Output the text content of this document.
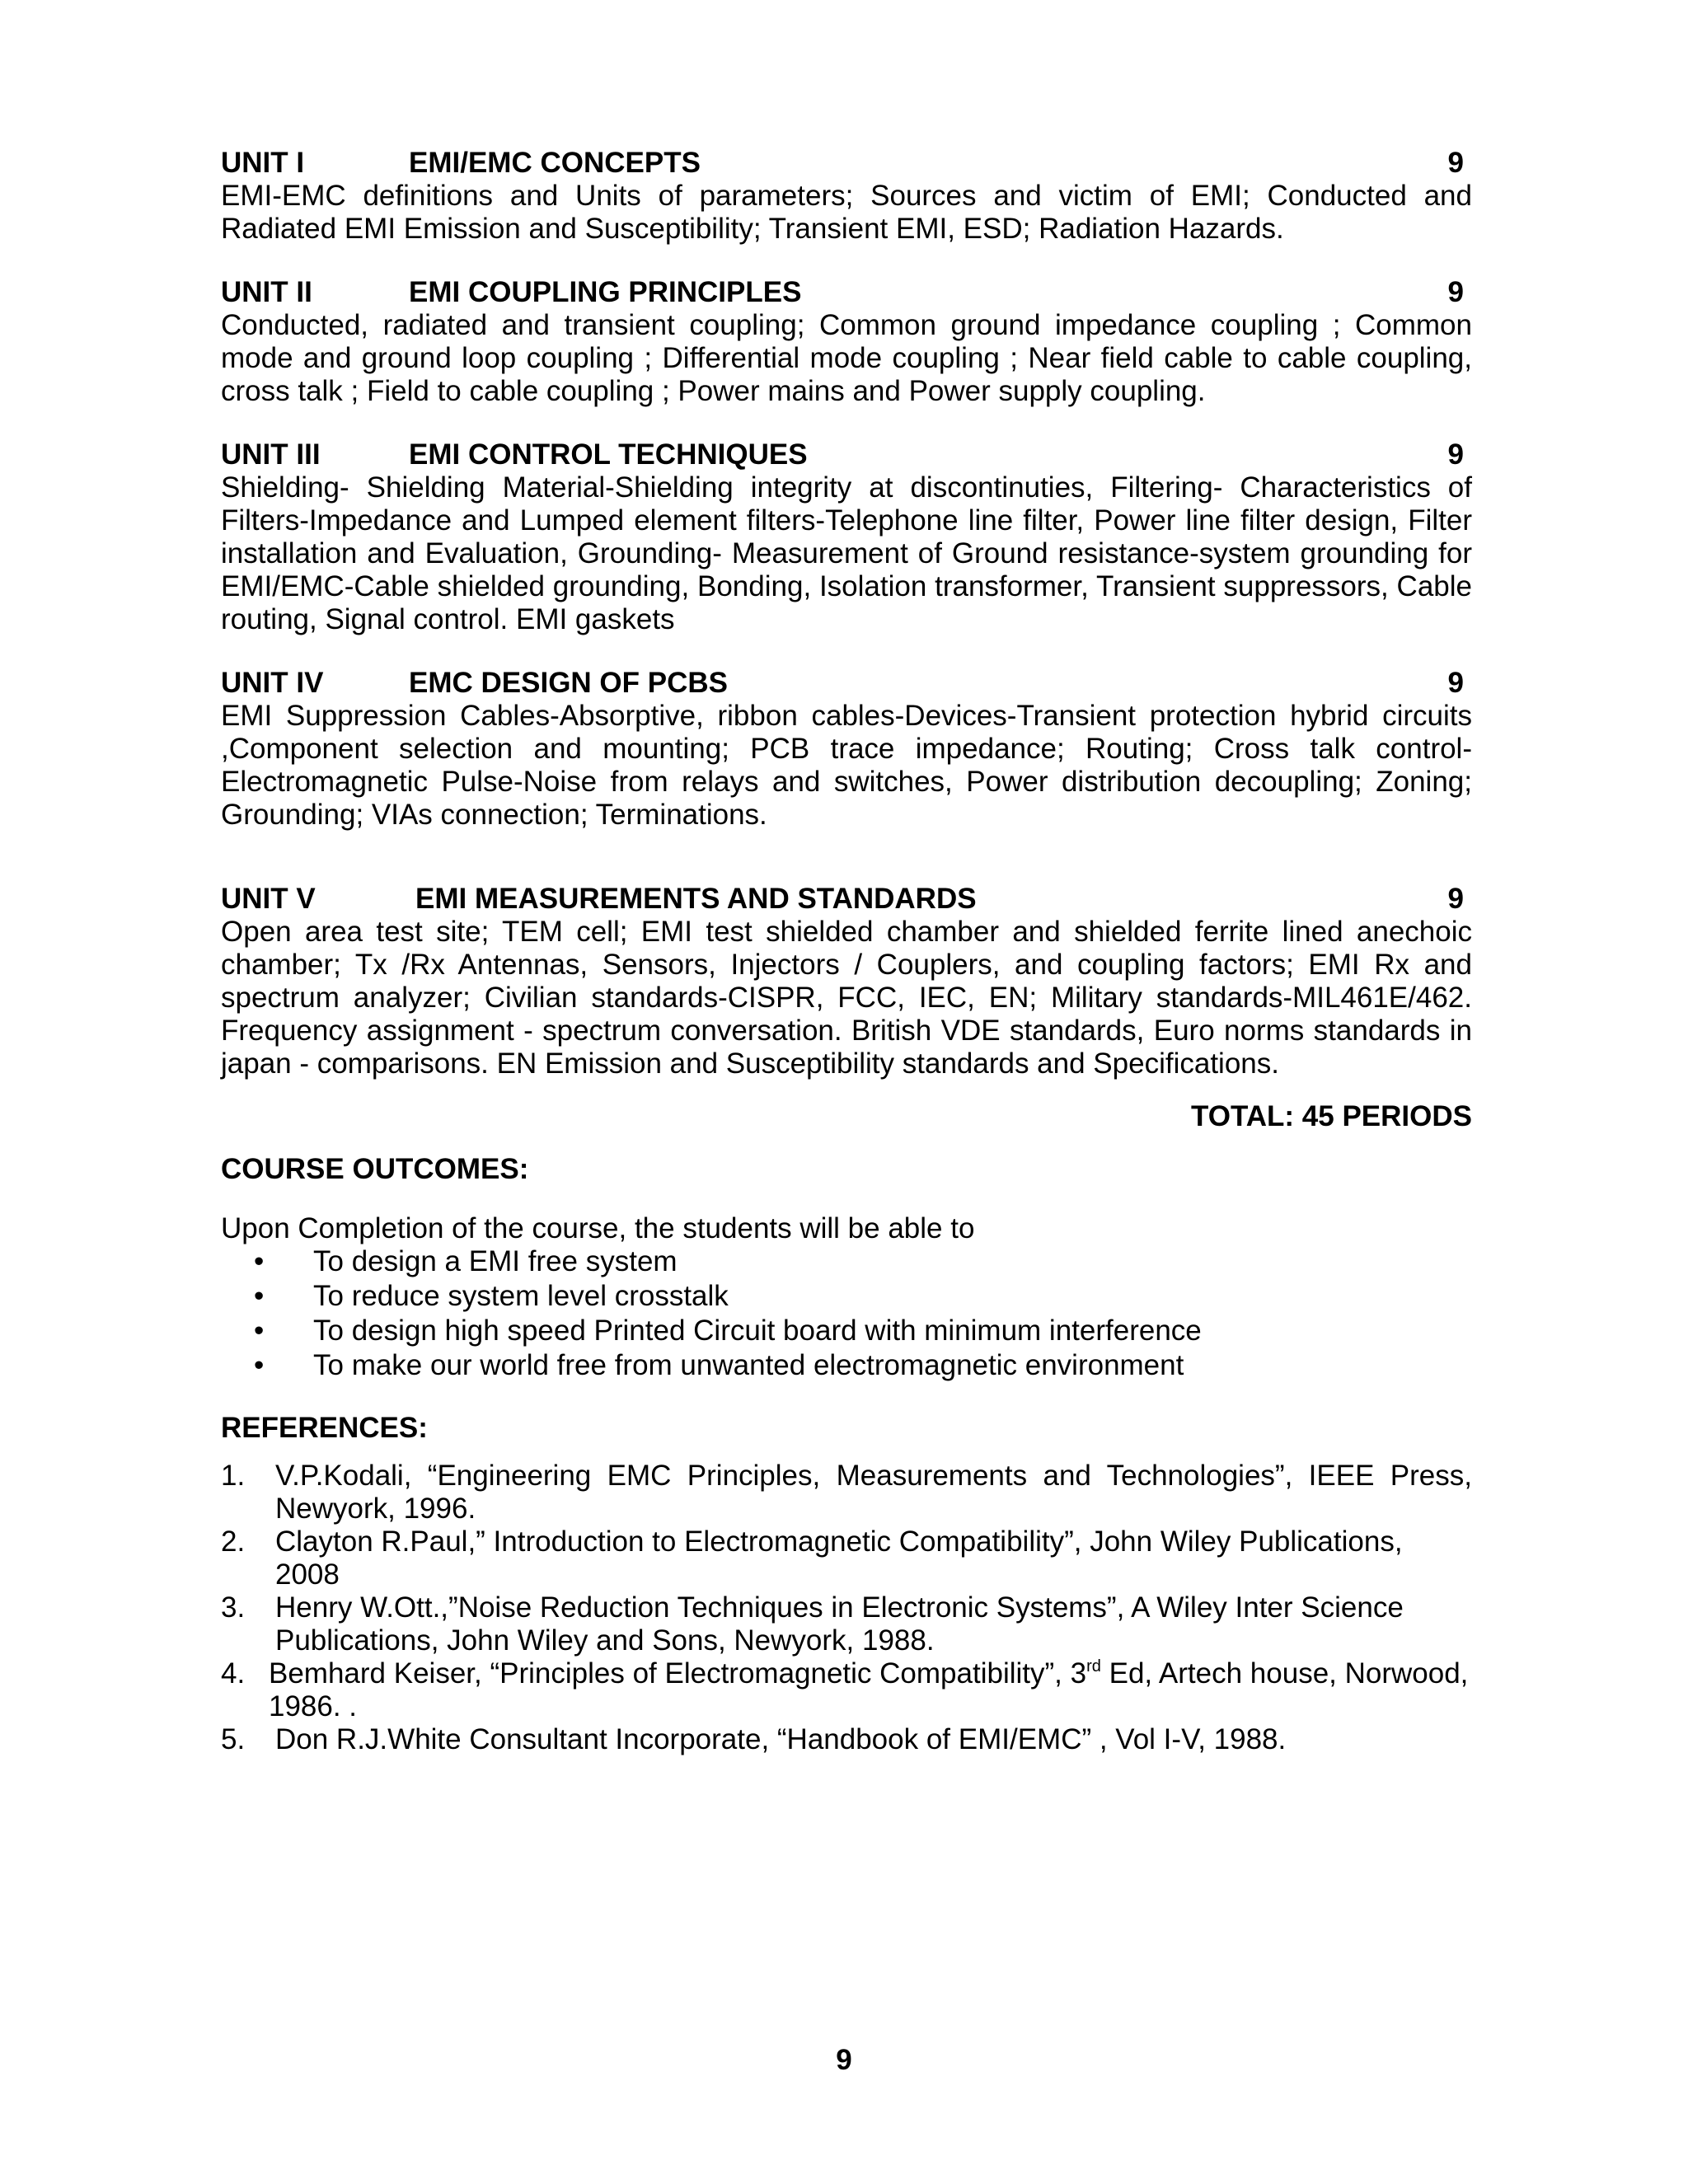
UNIT I	EMI/EMC CONCEPTS	9
EMI-EMC definitions and Units of parameters; Sources and victim of EMI; Conducted and Radiated EMI Emission and Susceptibility; Transient EMI, ESD; Radiation Hazards.
UNIT II	EMI COUPLING PRINCIPLES	9
Conducted, radiated and transient coupling; Common ground impedance coupling ; Common mode and ground loop coupling ; Differential mode coupling ; Near field cable to cable coupling, cross talk ; Field to cable coupling ; Power mains and Power supply coupling.
UNIT III	EMI CONTROL TECHNIQUES	9
Shielding- Shielding Material-Shielding integrity at discontinuties, Filtering- Characteristics of Filters-Impedance and Lumped element filters-Telephone line filter, Power line filter design, Filter installation and Evaluation, Grounding- Measurement of Ground resistance-system grounding for EMI/EMC-Cable shielded grounding, Bonding, Isolation transformer, Transient suppressors, Cable routing, Signal control. EMI gaskets
UNIT IV	EMC DESIGN OF PCBS	9
EMI Suppression Cables-Absorptive, ribbon cables-Devices-Transient protection hybrid circuits ,Component selection and mounting; PCB trace impedance; Routing; Cross talk control-Electromagnetic Pulse-Noise from relays and switches, Power distribution decoupling; Zoning; Grounding; VIAs connection; Terminations.
UNIT V	EMI MEASUREMENTS AND STANDARDS	9
Open area test site; TEM cell; EMI test shielded chamber and shielded ferrite lined anechoic chamber; Tx /Rx Antennas, Sensors, Injectors / Couplers, and coupling factors; EMI Rx and spectrum analyzer; Civilian standards-CISPR, FCC, IEC, EN; Military standards-MIL461E/462. Frequency assignment - spectrum conversation. British VDE standards, Euro norms standards in japan - comparisons. EN Emission and Susceptibility standards and Specifications.
TOTAL: 45 PERIODS
COURSE OUTCOMES:
Upon Completion of the course, the students will be able to
•	To design a EMI free system
•	To reduce system level crosstalk
•	To design high speed Printed Circuit board with minimum interference
•	To make our world free from unwanted electromagnetic environment
REFERENCES:
1.	V.P.Kodali, “Engineering EMC Principles, Measurements and Technologies”, IEEE Press, Newyork, 1996.
2.	Clayton R.Paul,” Introduction to Electromagnetic Compatibility”, John Wiley Publications, 2008
3.	Henry W.Ott.,”Noise Reduction Techniques in Electronic Systems”, A Wiley Inter Science Publications, John Wiley and Sons, Newyork, 1988.
4. Bemhard Keiser, “Principles of Electromagnetic Compatibility”, 3rd Ed, Artech house, Norwood, 1986. .
5.	Don R.J.White Consultant Incorporate, “Handbook of EMI/EMC” , Vol I-V, 1988.
9
